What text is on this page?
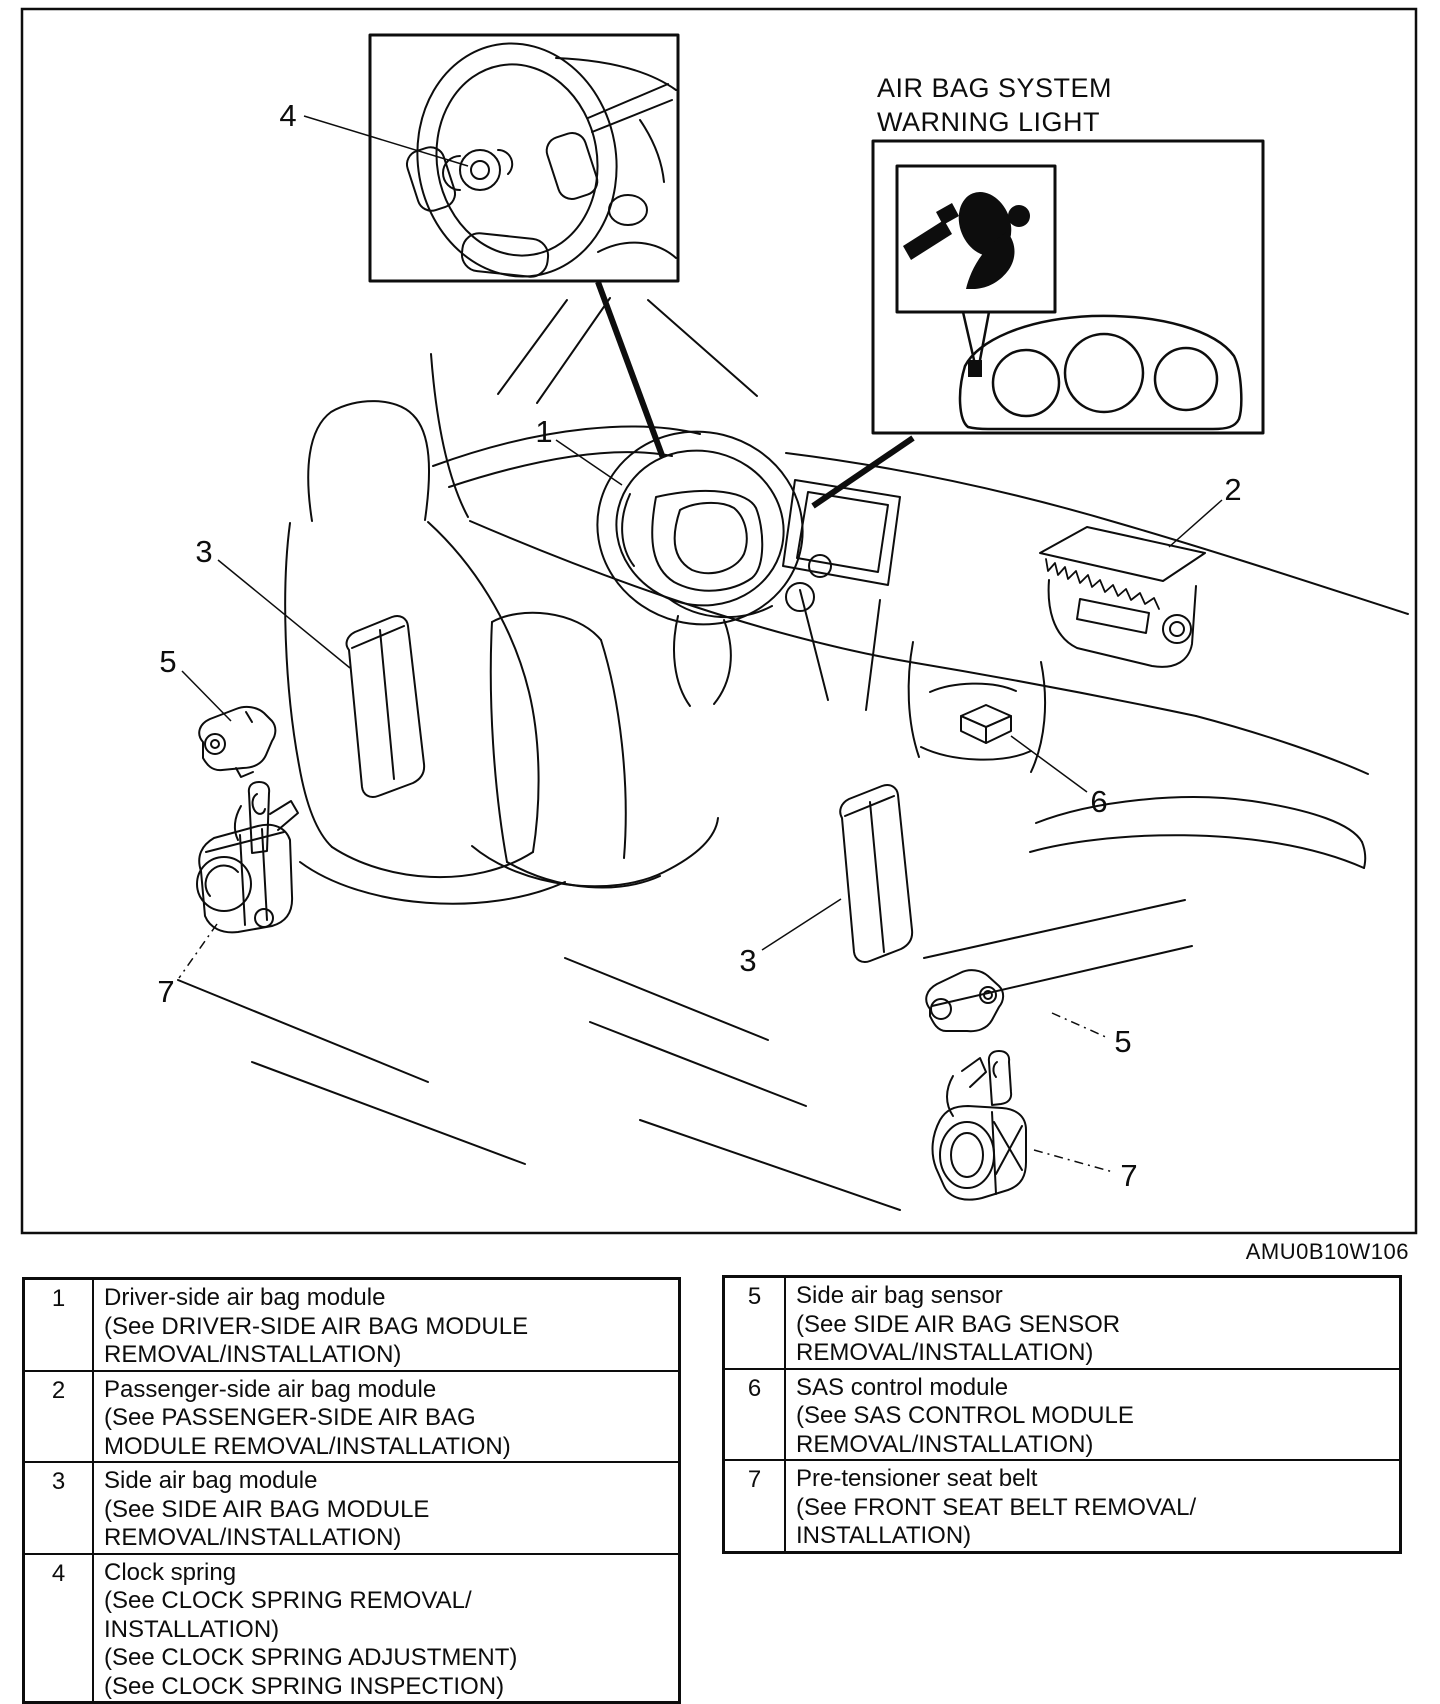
4
AIR BAG SYSTEM
WARNING LIGHT
1
2
3
3
5
5
6
7
7
AMU0B10W106
1	Driver-side air bag module
(See DRIVER-SIDE AIR BAG MODULE
REMOVAL/INSTALLATION)

2	Passenger-side air bag module
(See PASSENGER-SIDE AIR BAG
MODULE REMOVAL/INSTALLATION)

3	Side air bag module
(See SIDE AIR BAG MODULE
REMOVAL/INSTALLATION)

4	Clock spring
(See CLOCK SPRING REMOVAL/
INSTALLATION)
(See CLOCK SPRING ADJUSTMENT)
(See CLOCK SPRING INSPECTION)
5	Side air bag sensor
(See SIDE AIR BAG SENSOR
REMOVAL/INSTALLATION)

6	SAS control module
(See SAS CONTROL MODULE
REMOVAL/INSTALLATION)

7	Pre-tensioner seat belt
(See FRONT SEAT BELT REMOVAL/
INSTALLATION)
